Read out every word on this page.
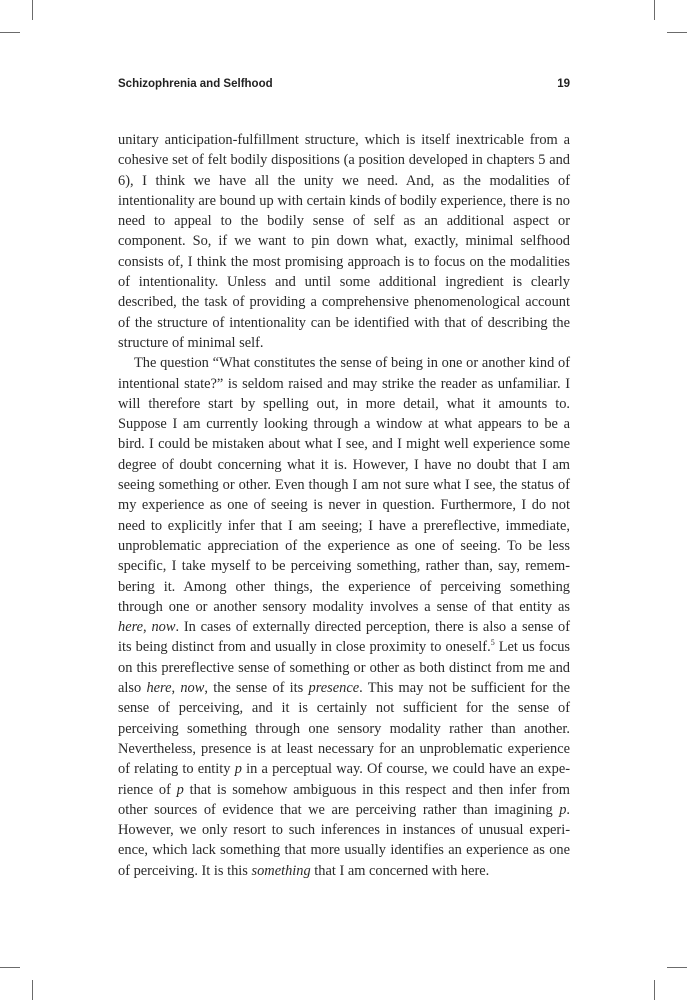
Schizophrenia and Selfhood	19

unitary anticipation-fulfillment structure, which is itself inextricable from a cohesive set of felt bodily dispositions (a position developed in chapters 5 and 6), I think we have all the unity we need. And, as the modalities of intentionality are bound up with certain kinds of bodily experience, there is no need to appeal to the bodily sense of self as an additional aspect or component. So, if we want to pin down what, exactly, minimal selfhood consists of, I think the most promising approach is to focus on the modalities of intentionality. Unless and until some additional ingredient is clearly described, the task of providing a comprehensive phenomenological account of the structure of intentionality can be identified with that of describing the structure of minimal self.

The question “What constitutes the sense of being in one or another kind of intentional state?” is seldom raised and may strike the reader as unfamiliar. I will therefore start by spelling out, in more detail, what it amounts to. Suppose I am currently looking through a window at what appears to be a bird. I could be mistaken about what I see, and I might well experience some degree of doubt concerning what it is. However, I have no doubt that I am seeing something or other. Even though I am not sure what I see, the status of my experience as one of seeing is never in question. Furthermore, I do not need to explicitly infer that I am seeing; I have a prereflective, immediate, unproblematic appreciation of the experience as one of seeing. To be less specific, I take myself to be perceiving something, rather than, say, remembering it. Among other things, the experience of perceiving something through one or another sensory modality involves a sense of that entity as here, now. In cases of externally directed perception, there is also a sense of its being distinct from and usually in close proximity to oneself.$^5$ Let us focus on this prereflective sense of something or other as both distinct from me and also here, now, the sense of its presence. This may not be sufficient for the sense of perceiving, and it is certainly not sufficient for the sense of perceiving something through one sensory modality rather than another. Nevertheless, presence is at least necessary for an unproblematic experience of relating to entity p in a perceptual way. Of course, we could have an experience of p that is somehow ambiguous in this respect and then infer from other sources of evidence that we are perceiving rather than imagining p. However, we only resort to such inferences in instances of unusual experience, which lack something that more usually identifies an experience as one of perceiving. It is this something that I am concerned with here.
